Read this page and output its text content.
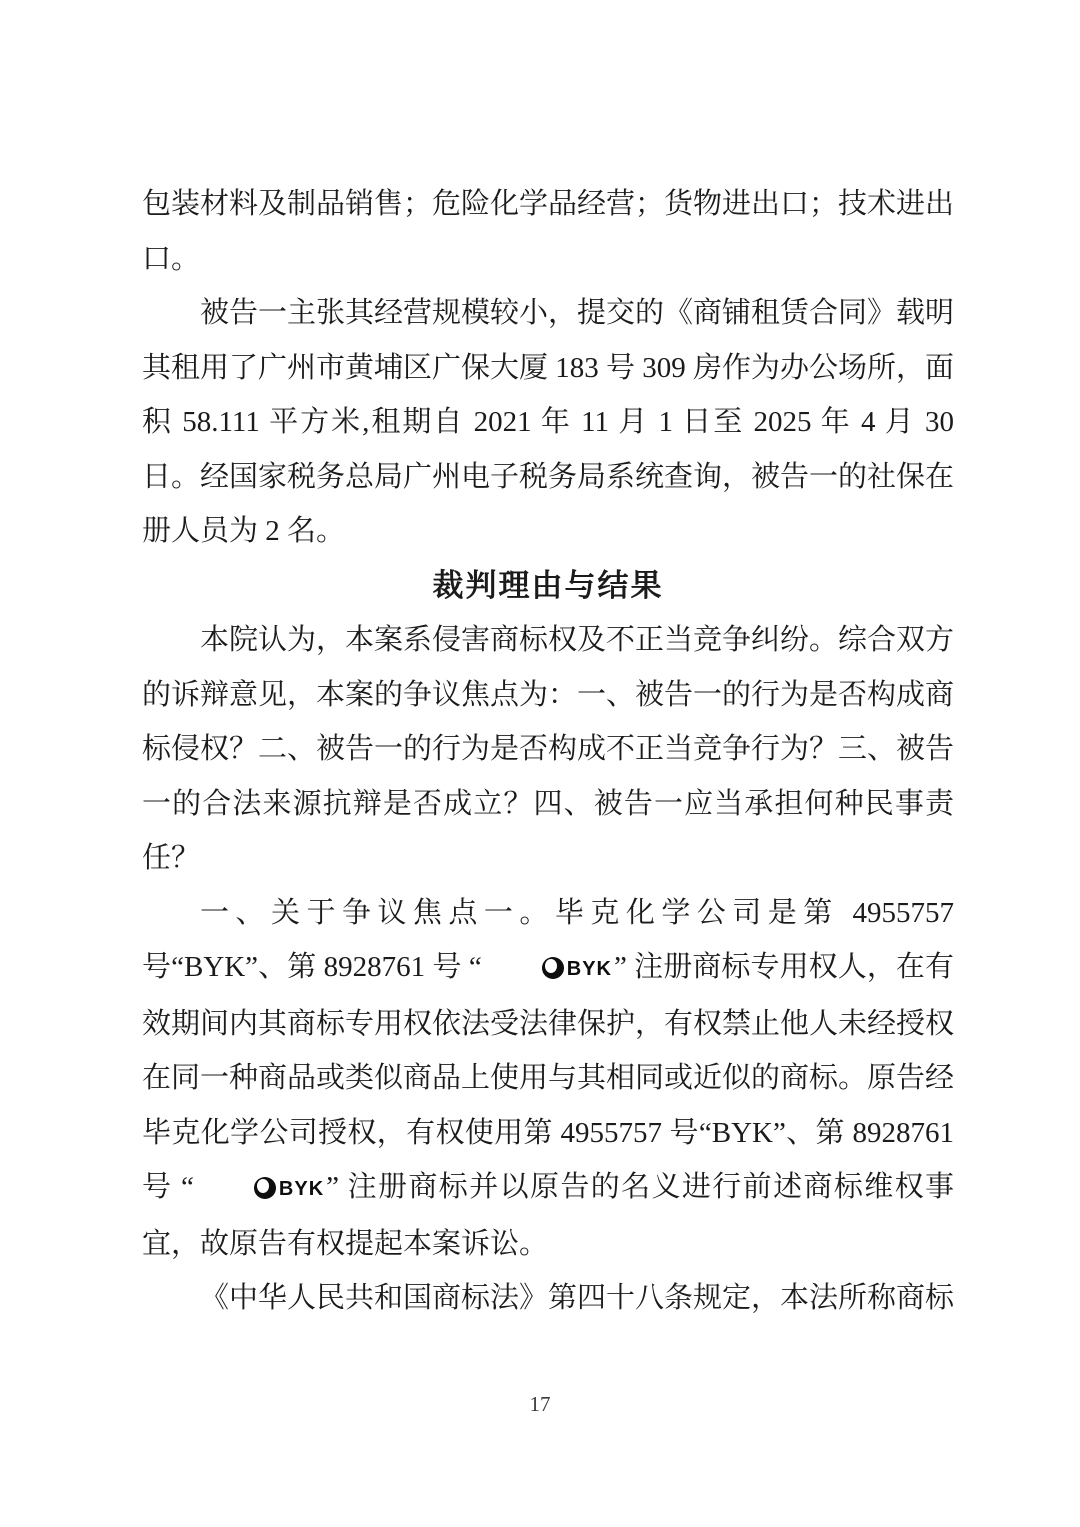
包装材料及制品销售；危险化学品经营；货物进出口；技术进出口。

被告一主张其经营规模较小，提交的《商铺租赁合同》载明其租用了广州市黄埔区广保大厦 183 号 309 房作为办公场所，面积 58.111 平方米,租期自 2021 年 11 月 1 日至 2025 年 4 月 30 日。经国家税务总局广州电子税务局系统查询，被告一的社保在册人员为 2 名。

裁判理由与结果

本院认为，本案系侵害商标权及不正当竞争纠纷。综合双方的诉辩意见，本案的争议焦点为：一、被告一的行为是否构成商标侵权？二、被告一的行为是否构成不正当竞争行为？三、被告一的合法来源抗辩是否成立？四、被告一应当承担何种民事责任？

一、关于争议焦点一。毕克化学公司是第 4955757 号“BYK”、第 8928761 号 “	BYK” 注册商标专用权人，在有效期间内其商标专用权依法受法律保护，有权禁止他人未经授权在同一种商品或类似商品上使用与其相同或近似的商标。原告经毕克化学公司授权，有权使用第 4955757 号“BYK”、第 8928761 号 “	BYK” 注册商标并以原告的名义进行前述商标维权事宜，故原告有权提起本案诉讼。

《中华人民共和国商标法》第四十八条规定，本法所称商标

17
